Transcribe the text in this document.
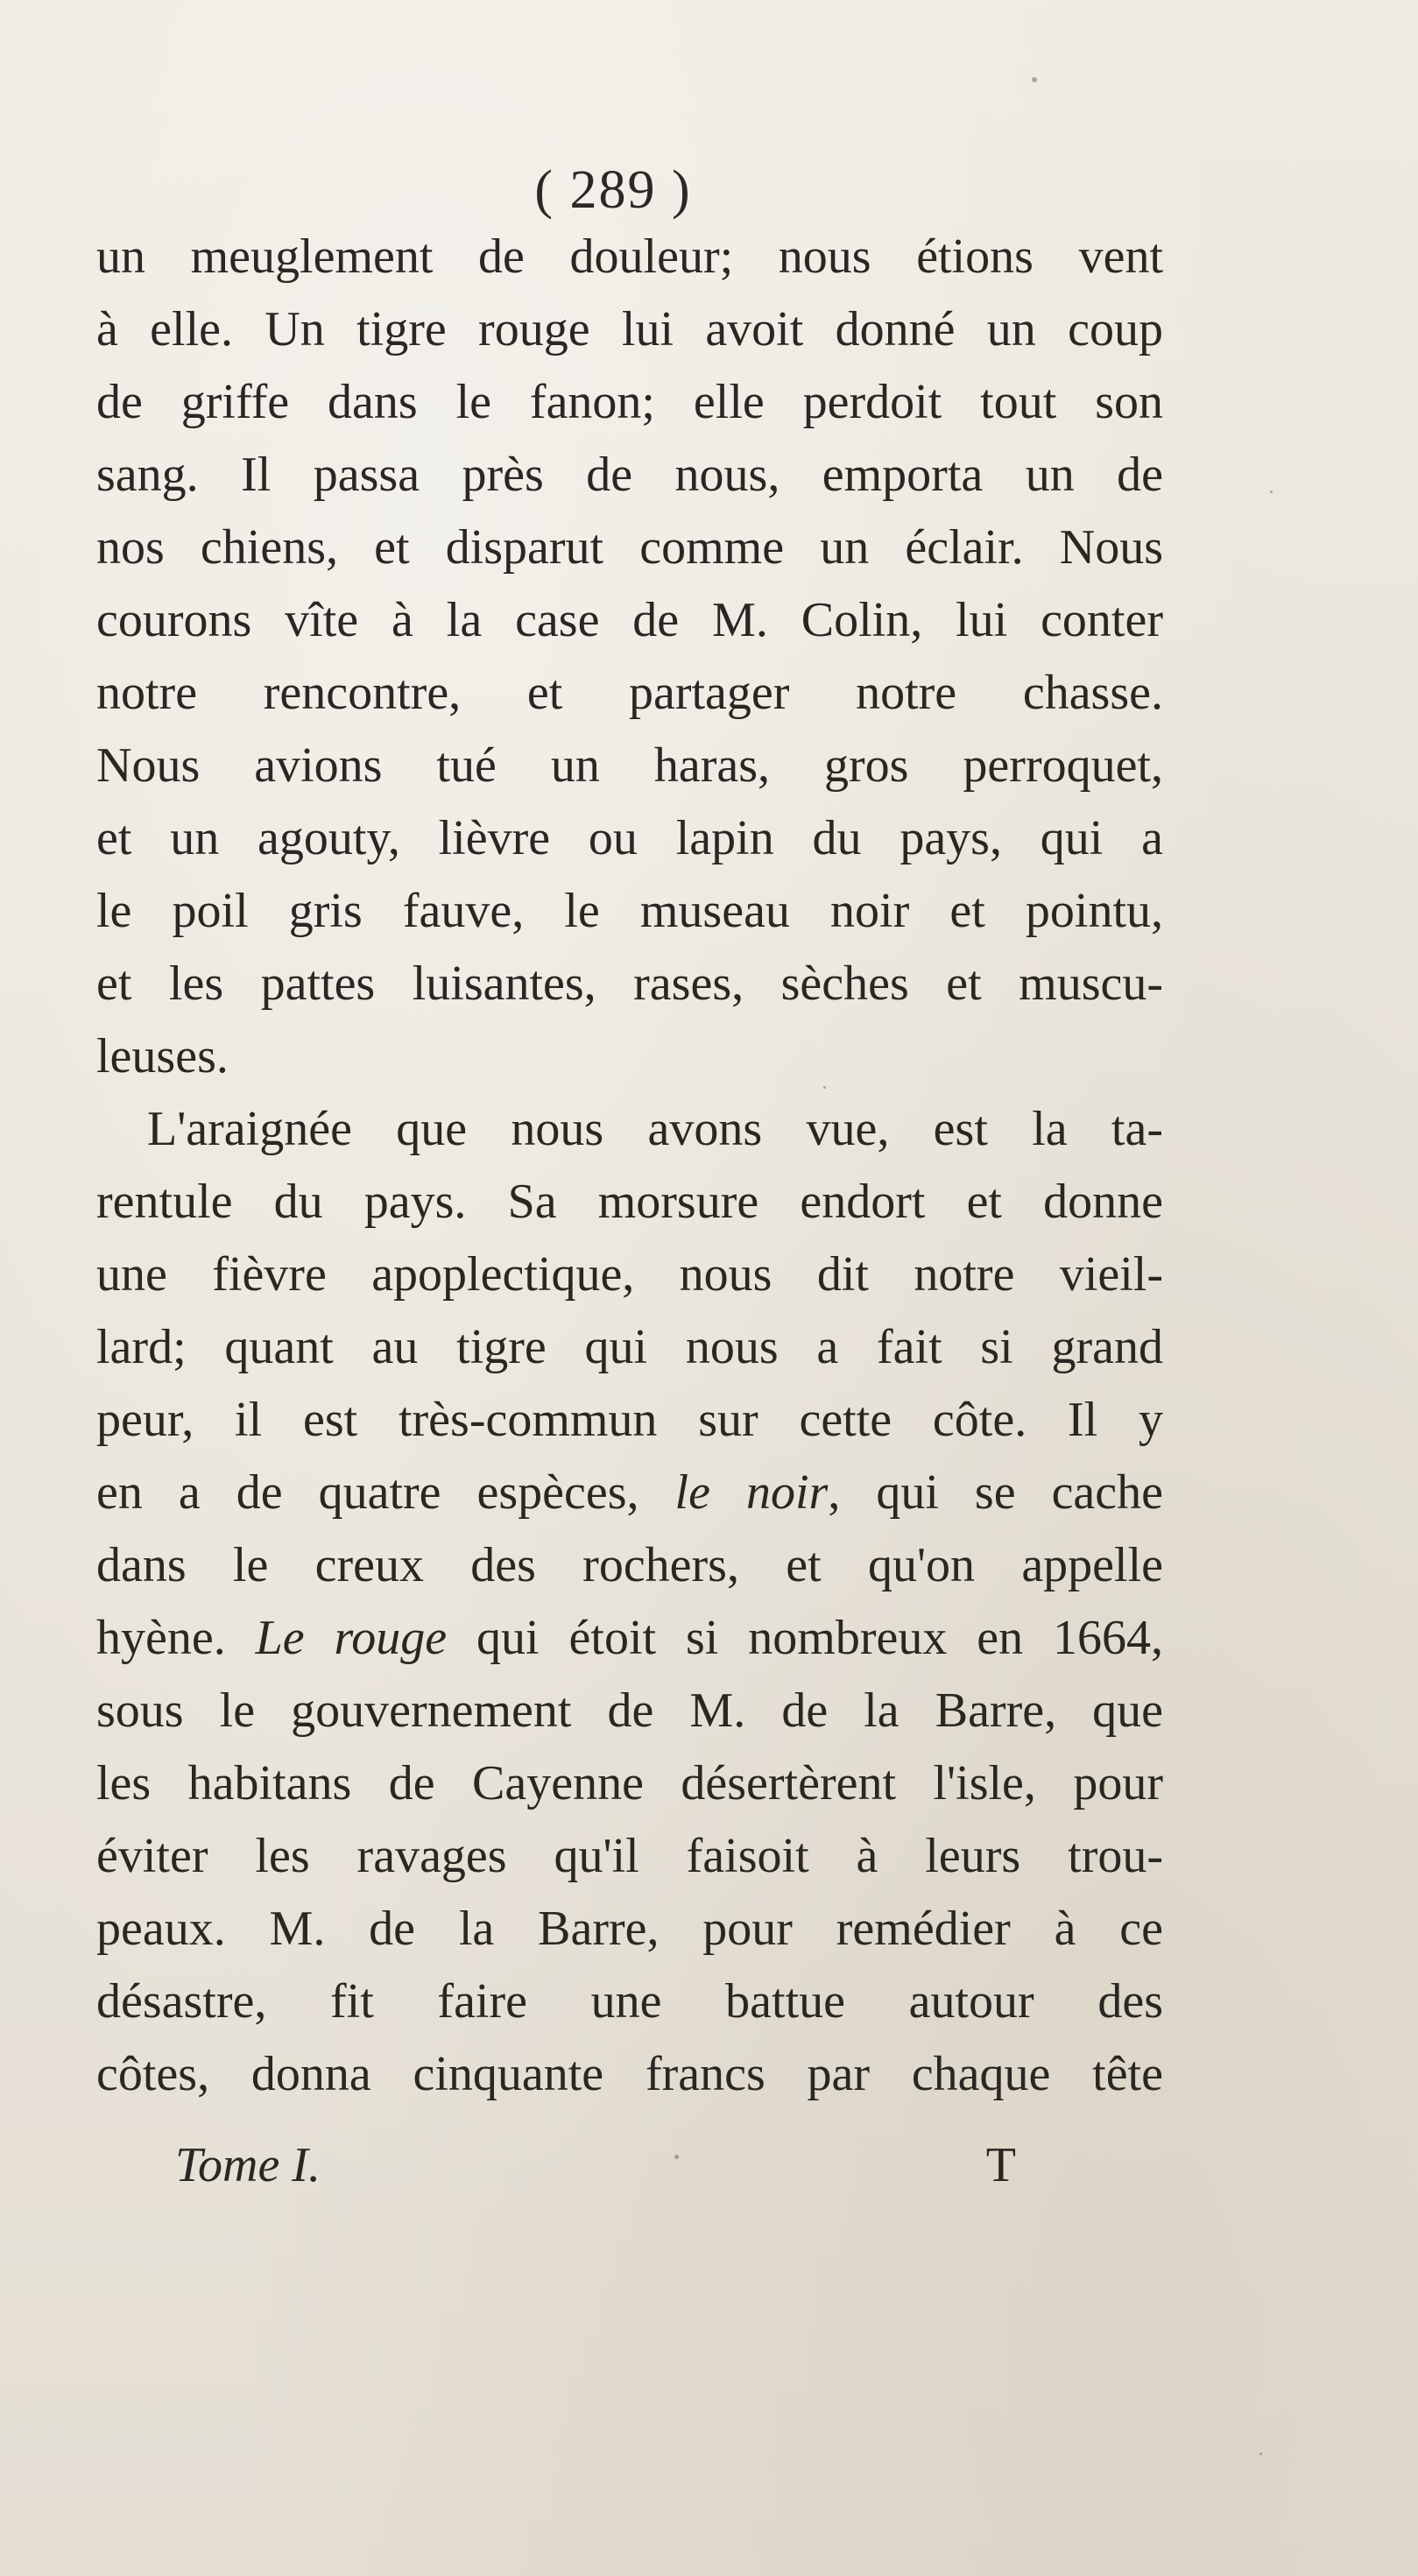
( 289 )
un meuglement de douleur; nous étions vent
à elle. Un tigre rouge lui avoit donné un coup
de griffe dans le fanon; elle perdoit tout son
sang. Il passa près de nous, emporta un de
nos chiens, et disparut comme un éclair. Nous
courons vîte à la case de M. Colin, lui conter
notre rencontre, et partager notre chasse.
Nous avions tué un haras, gros perroquet,
et un agouty, lièvre ou lapin du pays, qui a
le poil gris fauve, le museau noir et pointu,
et les pattes luisantes, rases, sèches et muscu-
leuses.
L'araignée que nous avons vue, est la ta-
rentule du pays. Sa morsure endort et donne
une fièvre apoplectique, nous dit notre vieil-
lard; quant au tigre qui nous a fait si grand
peur, il est très-commun sur cette côte. Il y
en a de quatre espèces, le noir, qui se cache
dans le creux des rochers, et qu'on appelle
hyène. Le rouge qui étoit si nombreux en 1664,
sous le gouvernement de M. de la Barre, que
les habitans de Cayenne désertèrent l'isle, pour
éviter les ravages qu'il faisoit à leurs trou-
peaux. M. de la Barre, pour remédier à ce
désastre, fit faire une battue autour des
côtes, donna cinquante francs par chaque tête
Tome I.	T
